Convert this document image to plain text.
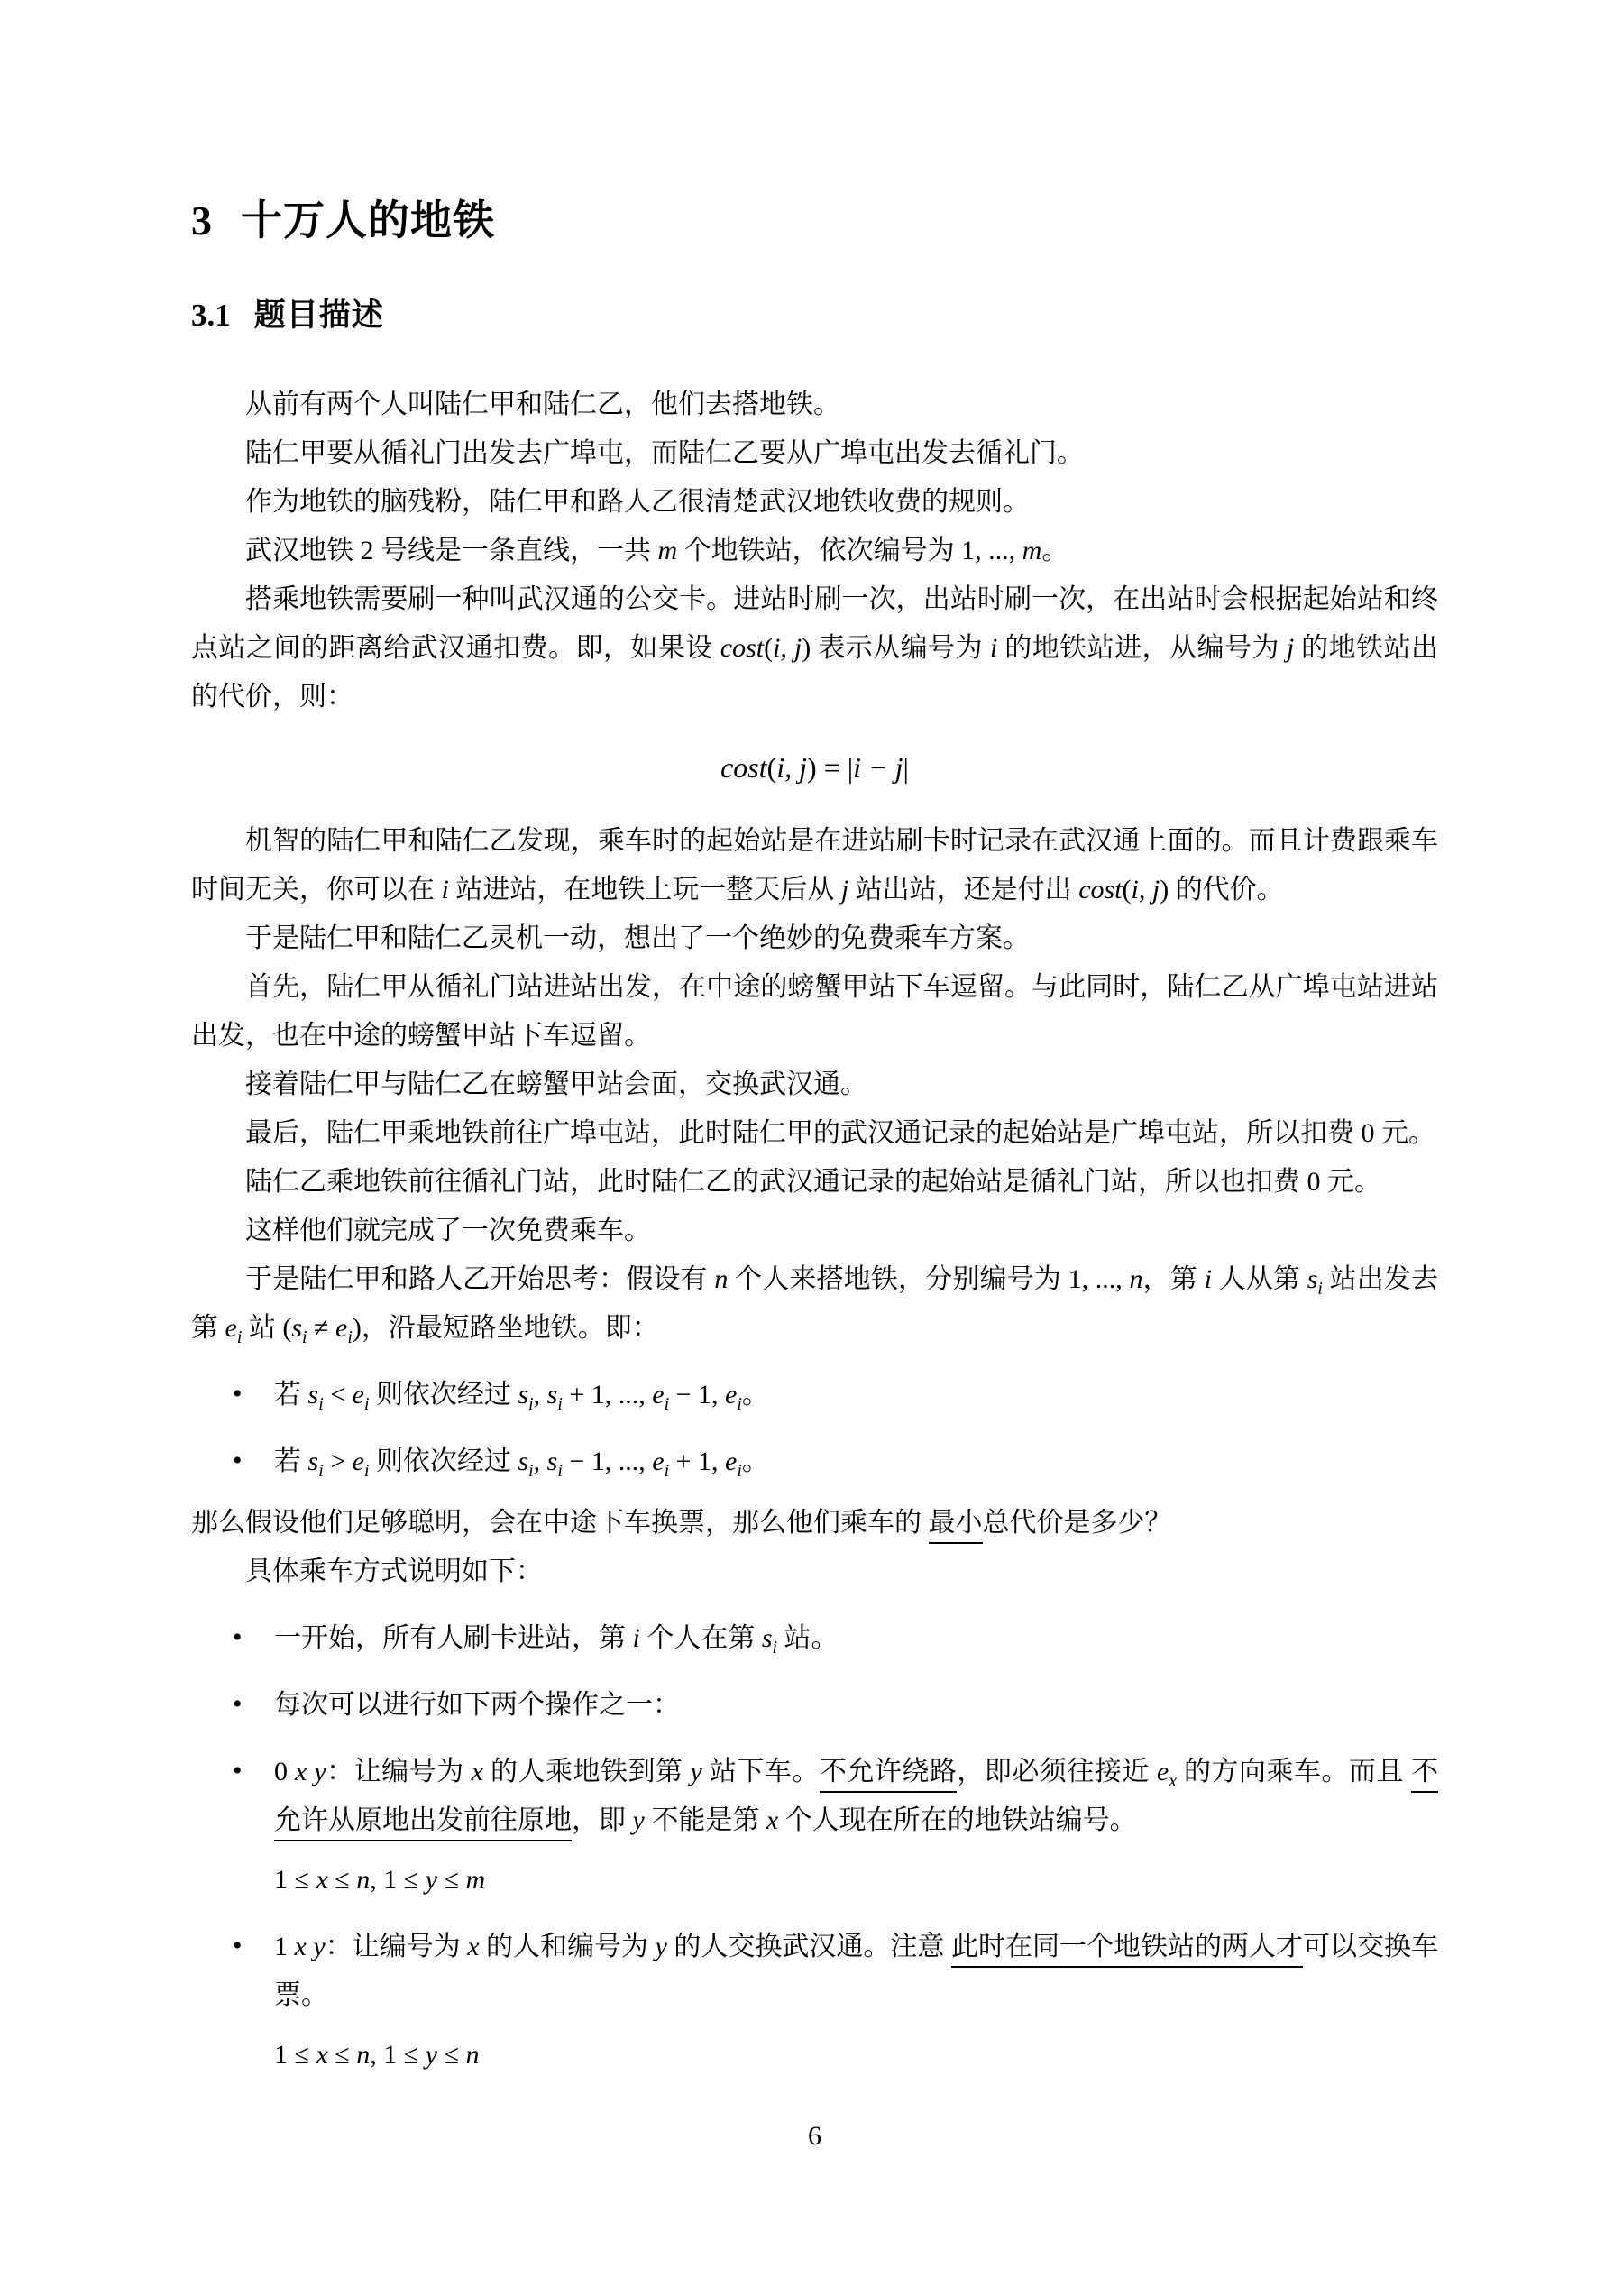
3 十万人的地铁
3.1 题目描述

从前有两个人叫陆仁甲和陆仁乙，他们去搭地铁。

陆仁甲要从循礼门出发去广埠屯，而陆仁乙要从广埠屯出发去循礼门。

作为地铁的脑残粉，陆仁甲和路人乙很清楚武汉地铁收费的规则。

武汉地铁 2 号线是一条直线，一共 m 个地铁站，依次编号为 1, ..., m。

搭乘地铁需要刷一种叫武汉通的公交卡。进站时刷一次，出站时刷一次，在出站时会根据起始站和终点站之间的距离给武汉通扣费。即，如果设 cost(i, j) 表示从编号为 i 的地铁站进，从编号为 j 的地铁站出的代价，则：

cost(i, j) = |i − j|

机智的陆仁甲和陆仁乙发现，乘车时的起始站是在进站刷卡时记录在武汉通上面的。而且计费跟乘车时间无关，你可以在 i 站进站，在地铁上玩一整天后从 j 站出站，还是付出 cost(i, j) 的代价。

于是陆仁甲和陆仁乙灵机一动，想出了一个绝妙的免费乘车方案。

首先，陆仁甲从循礼门站进站出发，在中途的螃蟹甲站下车逗留。与此同时，陆仁乙从广埠屯站进站出发，也在中途的螃蟹甲站下车逗留。

接着陆仁甲与陆仁乙在螃蟹甲站会面，交换武汉通。

最后，陆仁甲乘地铁前往广埠屯站，此时陆仁甲的武汉通记录的起始站是广埠屯站，所以扣费 0 元。

陆仁乙乘地铁前往循礼门站，此时陆仁乙的武汉通记录的起始站是循礼门站，所以也扣费 0 元。

这样他们就完成了一次免费乘车。

于是陆仁甲和路人乙开始思考：假设有 n 个人来搭地铁，分别编号为 1, ..., n，第 i 人从第 $s_i$ 站出发去第 $e_i$ 站 $(s_i \ne e_i)$，沿最短路坐地铁。即：

• 若 $s_i < e_i$ 则依次经过 $s_i$, $s_i + 1$, ..., $e_i - 1$, $e_i$。
• 若 $s_i > e_i$ 则依次经过 $s_i$, $s_i - 1$, ..., $e_i + 1$, $e_i$。

那么假设他们足够聪明，会在中途下车换票，那么他们乘车的 最小总代价是多少？

具体乘车方式说明如下：

• 一开始，所有人刷卡进站，第 i 个人在第 $s_i$ 站。
• 每次可以进行如下两个操作之一：
• 0 x y：让编号为 x 的人乘地铁到第 y 站下车。不允许绕路，即必须往接近 $e_x$ 的方向乘车。而且 不允许从原地出发前往原地，即 y 不能是第 x 个人现在所在的地铁站编号。
1 ≤ x ≤ n, 1 ≤ y ≤ m
• 1 x y：让编号为 x 的人和编号为 y 的人交换武汉通。注意 此时在同一个地铁站的两人才可以交换车票。
1 ≤ x ≤ n, 1 ≤ y ≤ n
6
